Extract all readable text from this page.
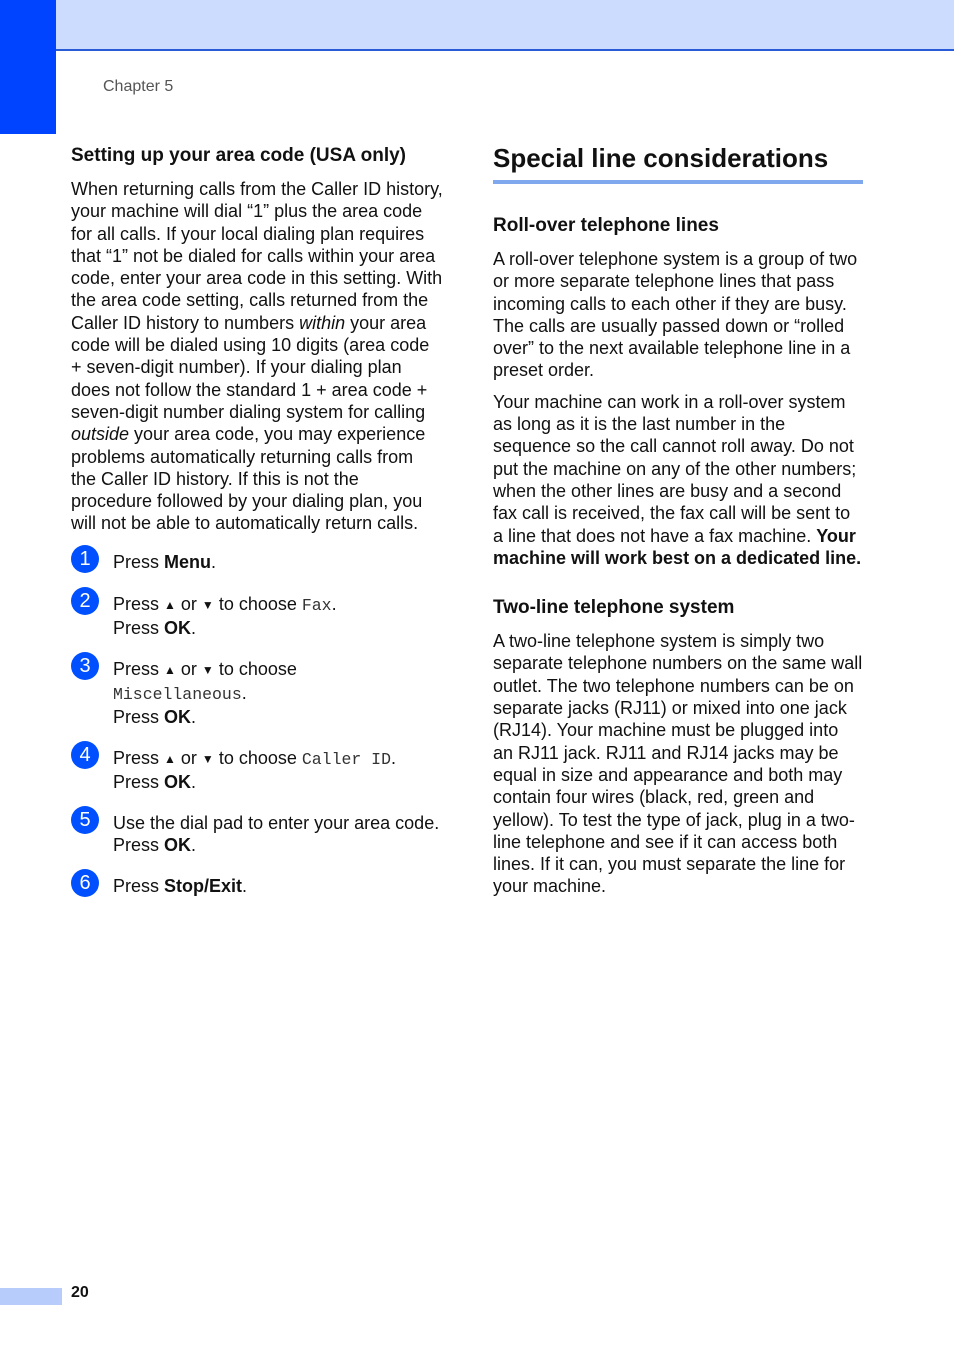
Chapter 5
Setting up your area code (USA only)

When returning calls from the Caller ID history, your machine will dial “1” plus the area code for all calls. If your local dialing plan requires that “1” not be dialed for calls within your area code, enter your area code in this setting. With the area code setting, calls returned from the Caller ID history to numbers within your area code will be dialed using 10 digits (area code + seven-digit number). If your dialing plan does not follow the standard 1 + area code + seven-digit number dialing system for calling outside your area code, you may experience problems automatically returning calls from the Caller ID history. If this is not the procedure followed by your dialing plan, you will not be able to automatically return calls.

1	Press Menu.
2	Press ▲ or ▼ to choose Fax.
Press OK.
3	Press ▲ or ▼ to choose
Miscellaneous.
Press OK.
4	Press ▲ or ▼ to choose Caller ID.
Press OK.
5	Use the dial pad to enter your area code.
Press OK.
6	Press Stop/Exit.
Special line considerations
Roll-over telephone lines

A roll-over telephone system is a group of two or more separate telephone lines that pass incoming calls to each other if they are busy. The calls are usually passed down or “rolled over” to the next available telephone line in a preset order.

Your machine can work in a roll-over system as long as it is the last number in the sequence so the call cannot roll away. Do not put the machine on any of the other numbers; when the other lines are busy and a second fax call is received, the fax call will be sent to a line that does not have a fax machine. Your machine will work best on a dedicated line.

Two-line telephone system

A two-line telephone system is simply two separate telephone numbers on the same wall outlet. The two telephone numbers can be on separate jacks (RJ11) or mixed into one jack (RJ14). Your machine must be plugged into an RJ11 jack. RJ11 and RJ14 jacks may be equal in size and appearance and both may contain four wires (black, red, green and yellow). To test the type of jack, plug in a two-line telephone and see if it can access both lines. If it can, you must separate the line for your machine.

20
